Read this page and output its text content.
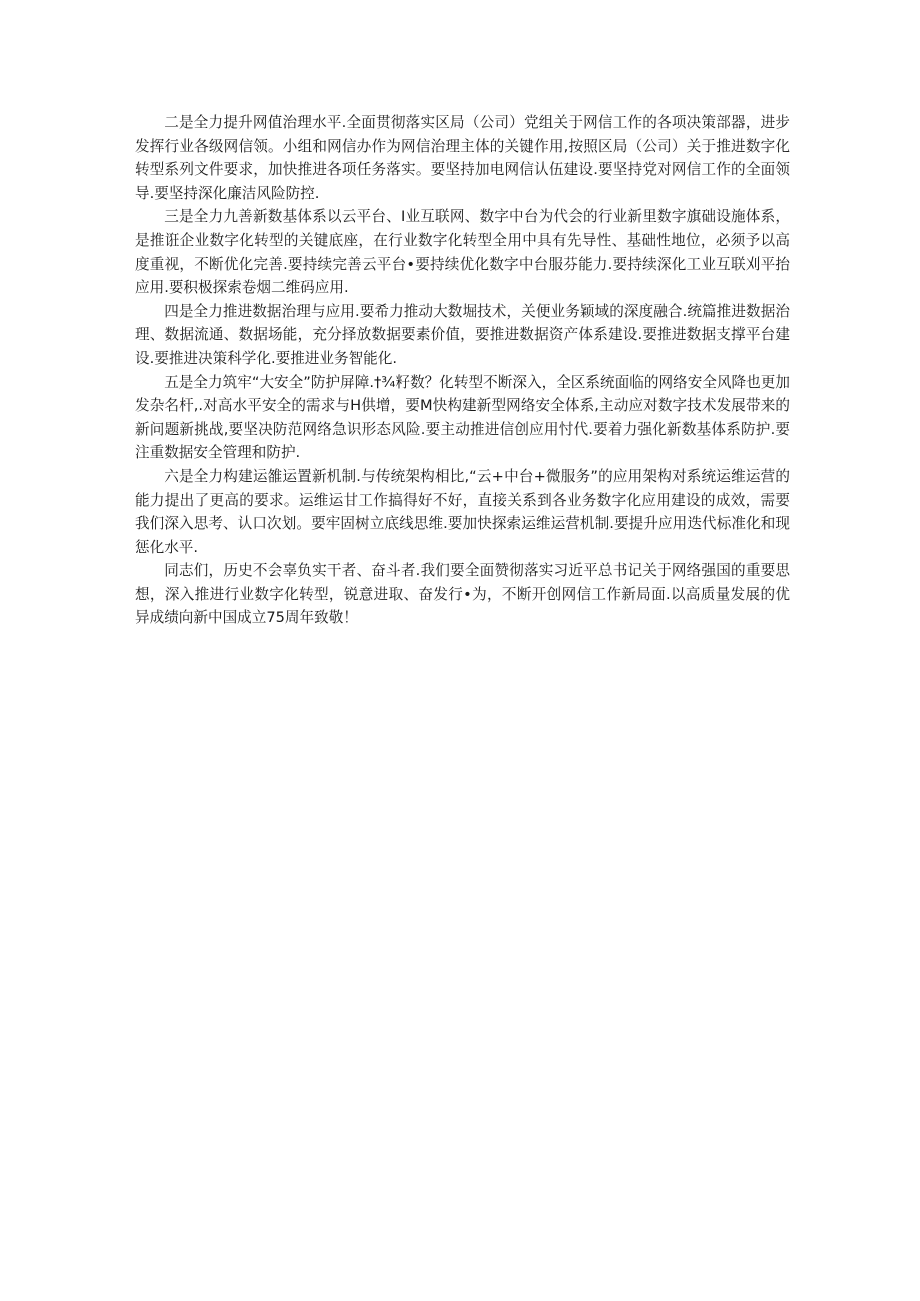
二是全力提升网值治理水平.全面贯彻落实区局（公司）党组关于网信工作的各项决策部器，进步发挥行业各级网信领。小组和网信办作为网信治理主体的关键作用,按照区局（公司）关于推进数字化转型系列文件要求，加快推进各项任务落实。要坚持加电网信认伍建设.要坚持党对网信工作的全面领导.要坚持深化廉洁风险防控.

三是全力九善新数基体系以云平台、I业互联网、数字中台为代会的行业新里数字旗础设施体系，是推诳企业数字化转型的关键底座，在行业数字化转型全用中具有先导性、基础性地位，必须予以高度重视，不断优化完善.要持续完善云平台•要持续优化数字中台服芬能力.要持续深化工业互联刈平抬应用.要积极探索卷烟二维码应用.

四是全力推进数据治理与应用.要希力推动大数堀技术，关便业务颖域的深度融合.统篇推进数据治理、数据流通、数据场能，充分择放数据要素价值，要推进数据资产体系建设.要推进数据支撑平台建设.要推进决策科学化.要推进业务智能化.

五是全力筑牢“大安全”防护屏障.†¾籽数？化转型不断深入，全区系统面临的网络安全风降也更加发杂名杆,.对高水平安全的需求与H供增，要M快构建新型网络安全体系,主动应对数字技术发展带来的新问题新挑战,要坚决防范网络急识形态风险.要主动推进信创应用忖代.要着力强化新数基体系防护.要注重数据安全管理和防护.

六是全力构建运雒运置新机制.与传统架构相比,“云+中台+微服务”的应用架构对系统运维运营的能力提出了更高的要求。运维运甘工作搞得好不好，直接关系到各业务数字化应用建设的成效，需要我们深入思考、认口次划。要牢固树立底线思维.要加快探索运维运营机制.要提升应用迭代标准化和现惩化水平.

同志们，历史不会辜负实干者、奋斗者.我们要全面赞彻落实习近平总书记关于网络强国的重要思想，深入推进行业数字化转型，锐意进取、奋发行•为，不断开创网信工作新局面.以高质量发展的优异成绩向新中国成立75周年致敬！
